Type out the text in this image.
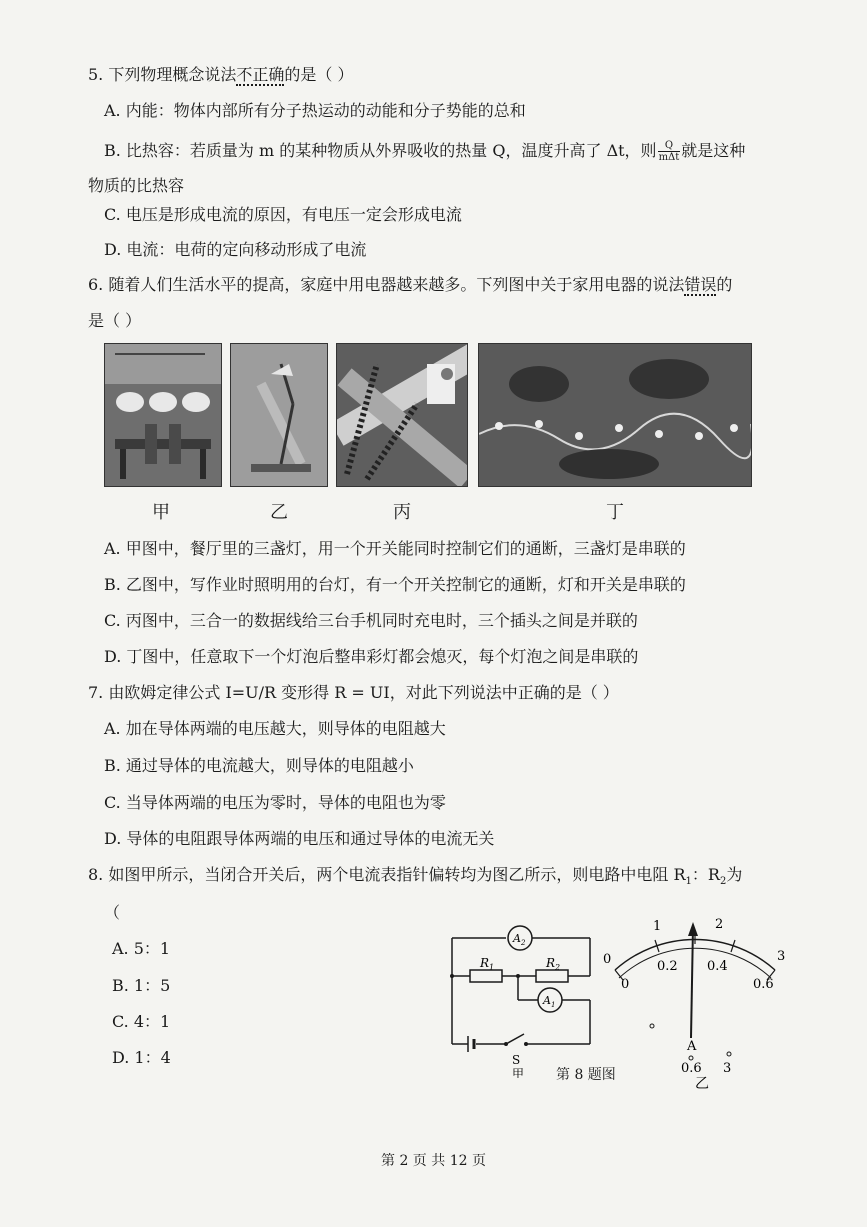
5. 下列物理概念说法不正确的是（ ）
A. 内能：物体内部所有分子热运动的动能和分子势能的总和
B. 比热容：若质量为 m 的某种物质从外界吸收的热量 Q，温度升高了 Δt，则 $\frac{Q}{\text{mΔt}}$ 就是这种
物质的比热容
C. 电压是形成电流的原因，有电压一定会形成电流
D. 电流：电荷的定向移动形成了电流
6. 随着人们生活水平的提高，家庭中用电器越来越多。下列图中关于家用电器的说法错误的
是（ ）
甲	乙	丙	丁
A. 甲图中，餐厅里的三盏灯，用一个开关能同时控制它们的通断，三盏灯是串联的
B. 乙图中，写作业时照明用的台灯，有一个开关控制它的通断，灯和开关是串联的
C. 丙图中，三合一的数据线给三台手机同时充电时，三个插头之间是并联的
D. 丁图中，任意取下一个灯泡后整串彩灯都会熄灭，每个灯泡之间是串联的
7. 由欧姆定律公式 I=U/R 变形得 R = UI，对此下列说法中正确的是（ ）
A. 加在导体两端的电压越大，则导体的电阻越大
B. 通过导体的电流越大，则导体的电阻越小
C. 当导体两端的电压为零时，导体的电阻也为零
D. 导体的电阻跟导体两端的电压和通过导体的电流无关
8. 如图甲所示，当闭合开关后，两个电流表指针偏转均为图乙所示，则电路中电阻 $R_1$：$R_2$为
（
A. 5：1
B. 1：5
C. 4：1
D. 1：4
$A_2$
$A_1$
$R_1$	$R_2$
S
甲
0
1	2
3
0
0.2 0.4
0.6
A
0.6 3
乙
第 8 题图
第 2 页 共 12 页
